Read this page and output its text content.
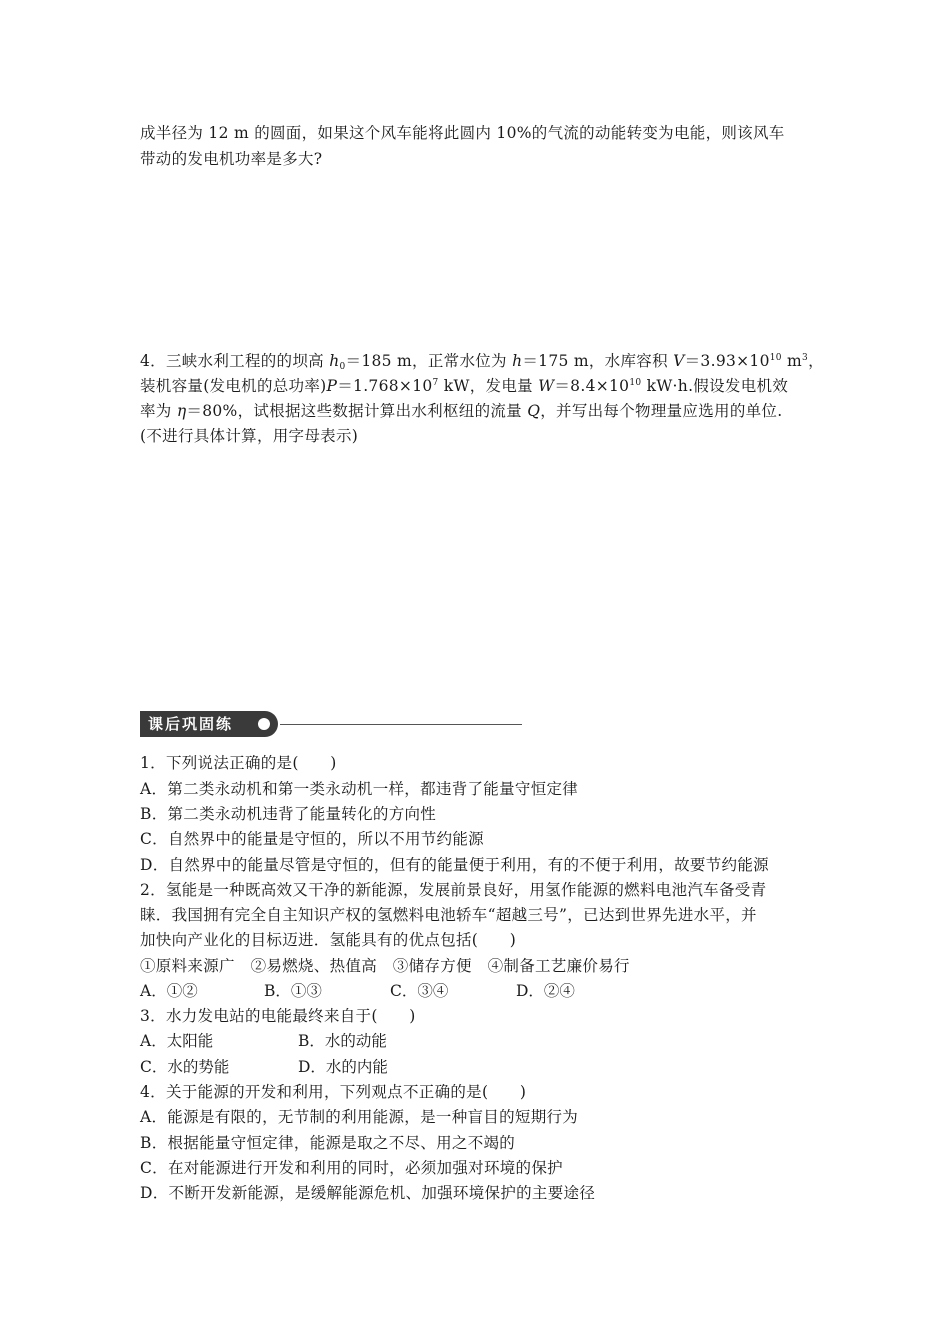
成半径为 12 m 的圆面，如果这个风车能将此圆内 10%的气流的动能转变为电能，则该风车
带动的发电机功率是多大?
4．三峡水利工程的的坝高 $h_0=185$ m，正常水位为 h＝175 m，水库容积 $V=3.93\times 10^{10}$ $m^3$，
装机容量(发电机的总功率)$P=1.768\times 10^7$ kW，发电量 $W=8.4\times 10^{10}$ kW·h.假设发电机效
率为 η＝80%，试根据这些数据计算出水利枢纽的流量 Q，并写出每个物理量应选用的单位.
(不进行具体计算，用字母表示)
课后巩固练
1．下列说法正确的是(　　)
A．第二类永动机和第一类永动机一样，都违背了能量守恒定律
B．第二类永动机违背了能量转化的方向性
C．自然界中的能量是守恒的，所以不用节约能源
D．自然界中的能量尽管是守恒的，但有的能量便于利用，有的不便于利用，故要节约能源
2．氢能是一种既高效又干净的新能源，发展前景良好，用氢作能源的燃料电池汽车备受青
睐．我国拥有完全自主知识产权的氢燃料电池轿车“超越三号”，已达到世界先进水平，并
加快向产业化的目标迈进．氢能具有的优点包括(　　)
①原料来源广　②易燃烧、热值高　③储存方便　④制备工艺廉价易行
A．①②	B．①③	C．③④	D．②④
3．水力发电站的电能最终来自于(　　)
A．太阳能	B．水的动能
C．水的势能	D．水的内能
4．关于能源的开发和利用，下列观点不正确的是(　　)
A．能源是有限的，无节制的利用能源，是一种盲目的短期行为
B．根据能量守恒定律，能源是取之不尽、用之不竭的
C．在对能源进行开发和利用的同时，必须加强对环境的保护
D．不断开发新能源，是缓解能源危机、加强环境保护的主要途径
